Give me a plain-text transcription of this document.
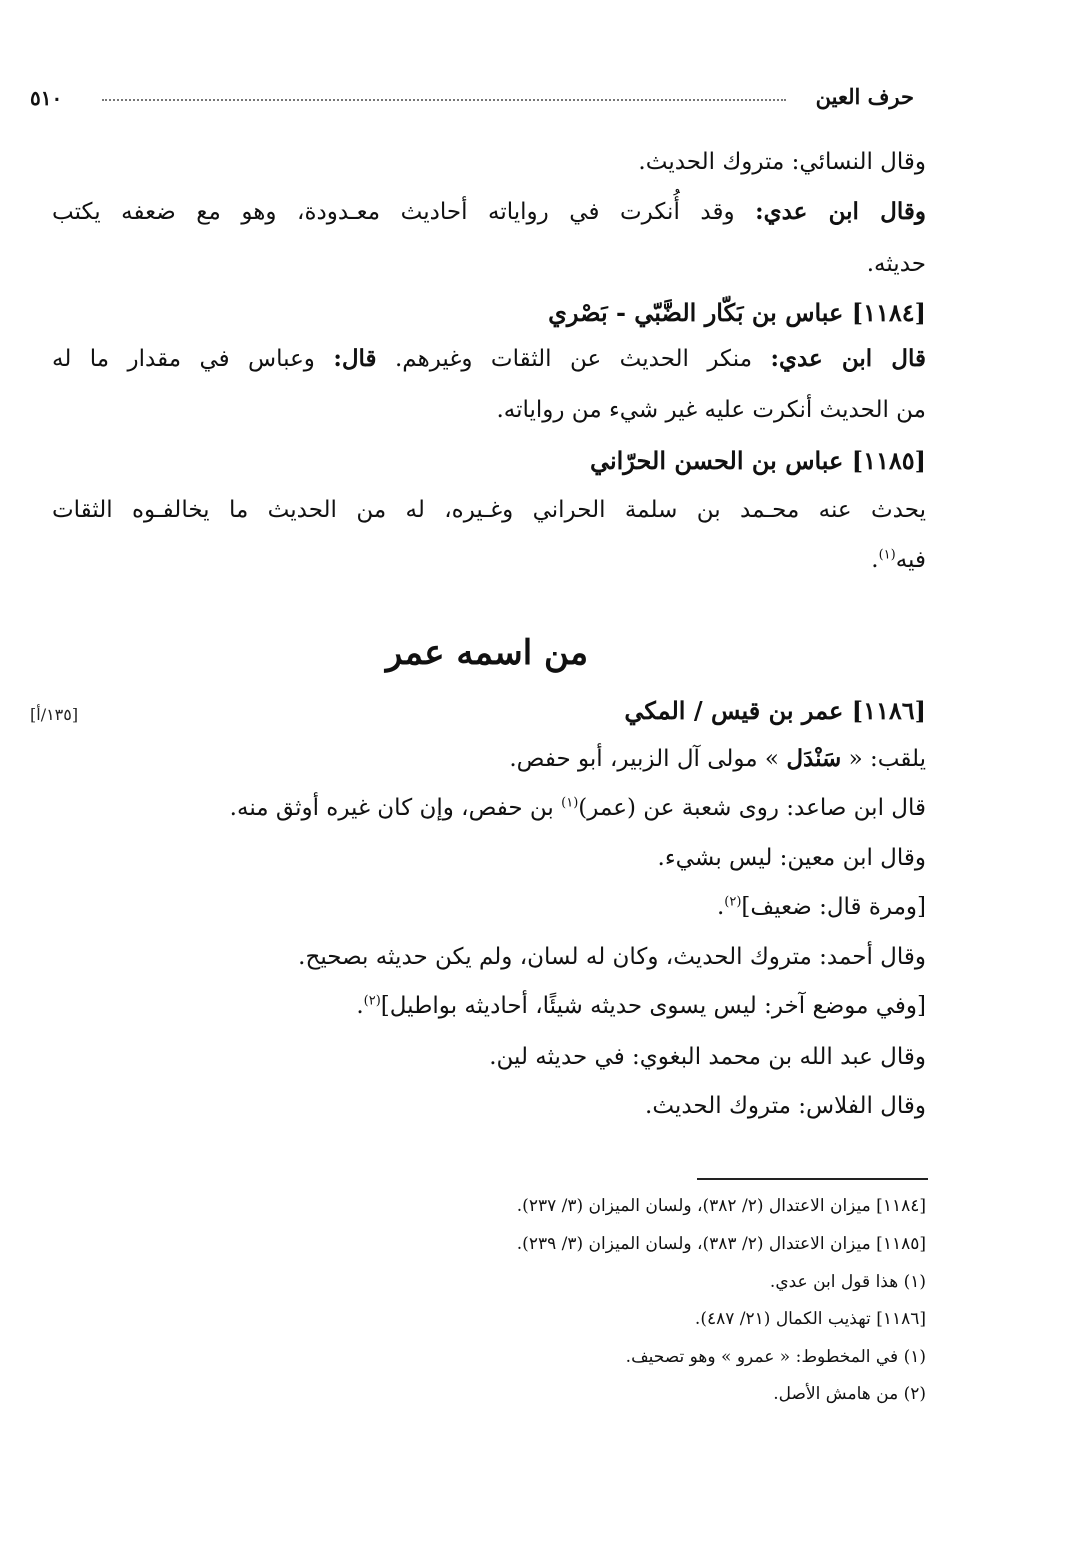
حرف العين
٥١٠
وقال النسائي: متروك الحديث.
وقال ابن عدي: وقد أُنكرت في رواياته أحاديث معـدودة، وهو مع ضعفه يكتب
حديثه.
[١١٨٤] عباس بن بَكّار الضَّبّي - بَصْري
قال ابن عدي: منكر الحديث عن الثقات وغيرهم. قال: وعباس في مقدار ما له
من الحديث أنكرت عليه غير شيء من رواياته.
[١١٨٥] عباس بن الحسن الحرّاني
يحدث عنه محـمد بن سلمة الحراني وغـيره، له من الحديث ما يخالفـوه الثقات
فيه$^{(١)}$.
من اسمه عمر
[١٣٥/أ]	[١١٨٦] عمر بن قيس / المكي
يلقب: « سَنْدَل » مولى آل الزبير، أبو حفص.
قال ابن صاعد: روى شعبة عن (عمر)$^{(١)}$ بن حفص، وإن كان غيره أوثق منه.
وقال ابن معين: ليس بشيء.
[ومرة قال: ضعيف]$^{(٢)}$.
وقال أحمد: متروك الحديث، وكان له لسان، ولم يكن حديثه بصحيح.
[وفي موضع آخر: ليس يسوى حديثه شيئًا، أحاديثه بواطيل]$^{(٢)}$.
وقال عبد الله بن محمد البغوي: في حديثه لين.
وقال الفلاس: متروك الحديث.
[١١٨٤] ميزان الاعتدال (٢/ ٣٨٢)، ولسان الميزان (٣/ ٢٣٧).
[١١٨٥] ميزان الاعتدال (٢/ ٣٨٣)، ولسان الميزان (٣/ ٢٣٩).
(١) هذا قول ابن عدي.
[١١٨٦] تهذيب الكمال (٢١/ ٤٨٧).
(١) في المخطوط: « عمرو » وهو تصحيف.
(٢) من هامش الأصل.
